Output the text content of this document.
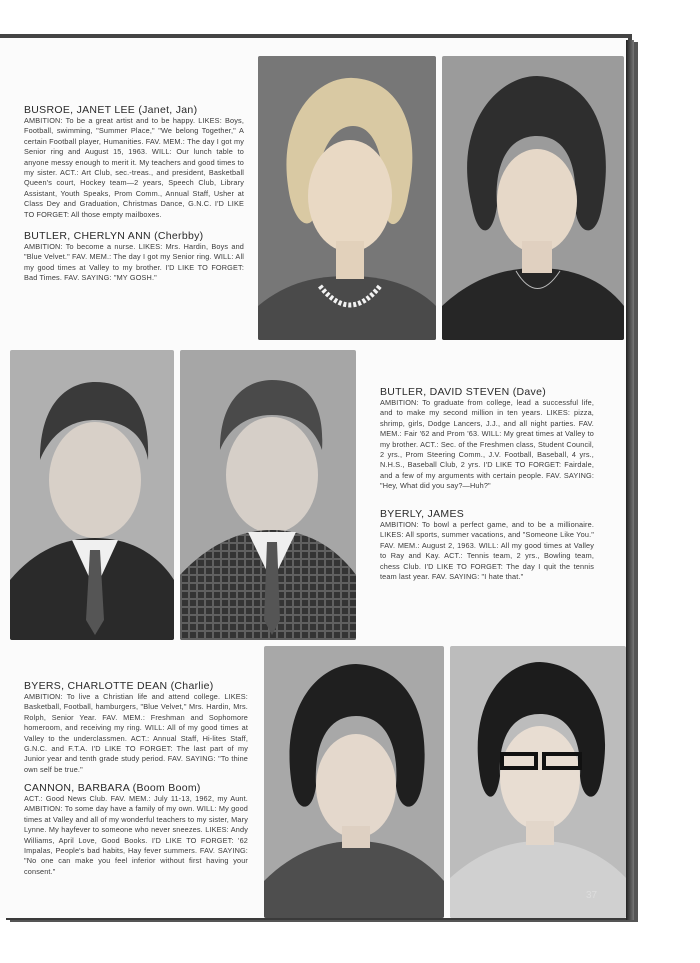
BUSROE, JANET LEE (Janet, Jan)

AMBITION: To be a great artist and to be happy. LIKES: Boys, Football, swimming, "Summer Place," "We belong Together," A certain Football player, Humanities. FAV. MEM.: The day I got my Senior ring and August 15, 1963. WILL: Our lunch table to anyone messy enough to merit it. My teachers and good times to my sister. ACT.: Art Club, sec.-treas., and president, Basketball Queen's court, Hockey team—2 years, Speech Club, Library Assistant, Youth Speaks, Prom Comm., Annual Staff, Usher at Class Dey and Graduation, Christmas Dance, G.N.C. I'D LIKE TO FORGET: All those empty mailboxes.

BUTLER, CHERLYN ANN (Cherbby)

AMBITION: To become a nurse. LIKES: Mrs. Hardin, Boys and "Blue Velvet." FAV. MEM.: The day I got my Senior ring. WILL: All my good times at Valley to my brother. I'D LIKE TO FORGET: Bad Times. FAV. SAYING: "MY GOSH."

BUTLER, DAVID STEVEN (Dave)

AMBITION: To graduate from college, lead a successful life, and to make my second million in ten years. LIKES: pizza, shrimp, girls, Dodge Lancers, J.J., and all night parties. FAV. MEM.: Fair '62 and Prom '63. WILL: My great times at Valley to my brother. ACT.: Sec. of the Freshmen class, Student Council, 2 yrs., Prom Steering Comm., J.V. Football, Baseball, 4 yrs., N.H.S., Baseball Club, 2 yrs. I'D LIKE TO FORGET: Fairdale, and a few of my arguments with certain people. FAV. SAYING: "Hey, What did you say?—Huh?"

BYERLY, JAMES

AMBITION: To bowl a perfect game, and to be a millionaire. LIKES: All sports, summer vacations, and "Someone Like You." FAV. MEM.: August 2, 1963. WILL: All my good times at Valley to Ray and Kay. ACT.: Tennis team, 2 yrs., Bowling team, chess Club. I'D LIKE TO FORGET: The day I quit the tennis team last year. FAV. SAYING: "I hate that."

BYERS, CHARLOTTE DEAN (Charlie)

AMBITION: To live a Christian life and attend college. LIKES: Basketball, Football, hamburgers, "Blue Velvet," Mrs. Hardin, Mrs. Rolph, Senior Year. FAV. MEM.: Freshman and Sophomore homeroom, and receiving my ring. WILL: All of my good times at Valley to the underclassmen. ACT.: Annual Staff, Hi-lites Staff, G.N.C. and F.T.A. I'D LIKE TO FORGET: The last part of my Junior year and tenth grade study period. FAV. SAYING: "To thine own self be true."

CANNON, BARBARA (Boom Boom)

ACT.: Good News Club. FAV. MEM.: July 11-13, 1962, my Aunt. AMBITION: To some day have a family of my own. WILL: My good times at Valley and all of my wonderful teachers to my sister, Mary Lynne. My hayfever to someone who never sneezes. LIKES: Andy Williams, April Love, Good Books. I'D LIKE TO FORGET: '62 Impalas, People's bad habits, Hay fever summers. FAV. SAYING: "No one can make you feel inferior without first having your consent."

37
